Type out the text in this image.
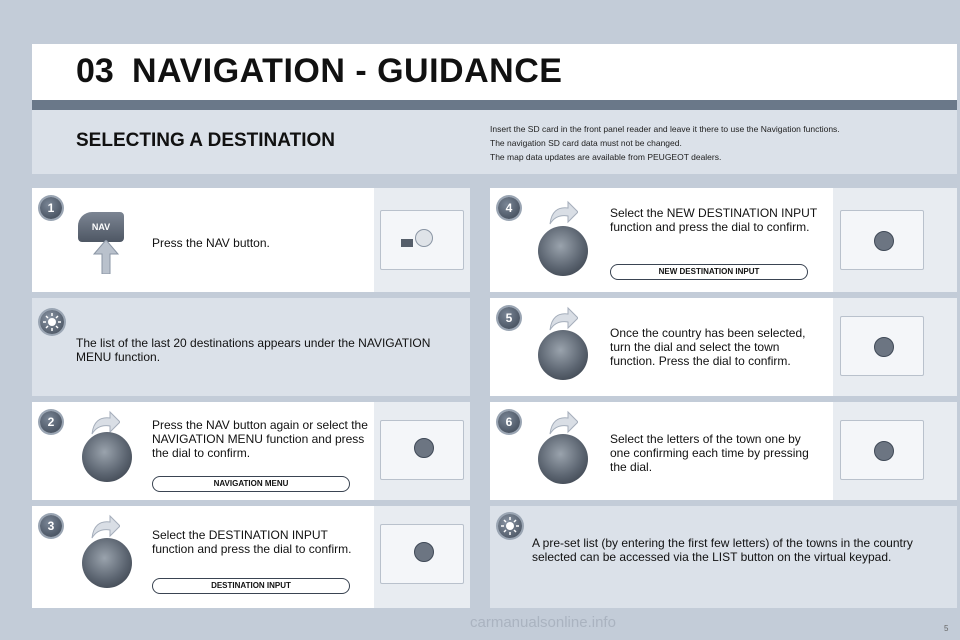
03 NAVIGATION - GUIDANCE
SELECTING A DESTINATION
Insert the SD card in the front panel reader and leave it there to use the Navigation functions.
The navigation SD card data must not be changed.
The map data updates are available from PEUGEOT dealers.
1
NAV
Press the NAV button.
The list of the last 20 destinations appears under the NAVIGATION MENU function.
2	Press the NAV button again or select the NAVIGATION MENU function and press the dial to confirm.
NAVIGATION MENU
3
Select the DESTINATION INPUT function and press the dial to confirm.
DESTINATION INPUT
4	Select the NEW DESTINATION INPUT function and press the dial to confirm.
NEW DESTINATION INPUT
5
Once the country has been selected, turn the dial and select the town function. Press the dial to confirm.
6
Select the letters of the town one by one confirming each time by pressing the dial.
A pre-set list (by entering the first few letters) of the towns in the country selected can be accessed via the LIST button on the virtual keypad.
carmanualsonline.info	5
